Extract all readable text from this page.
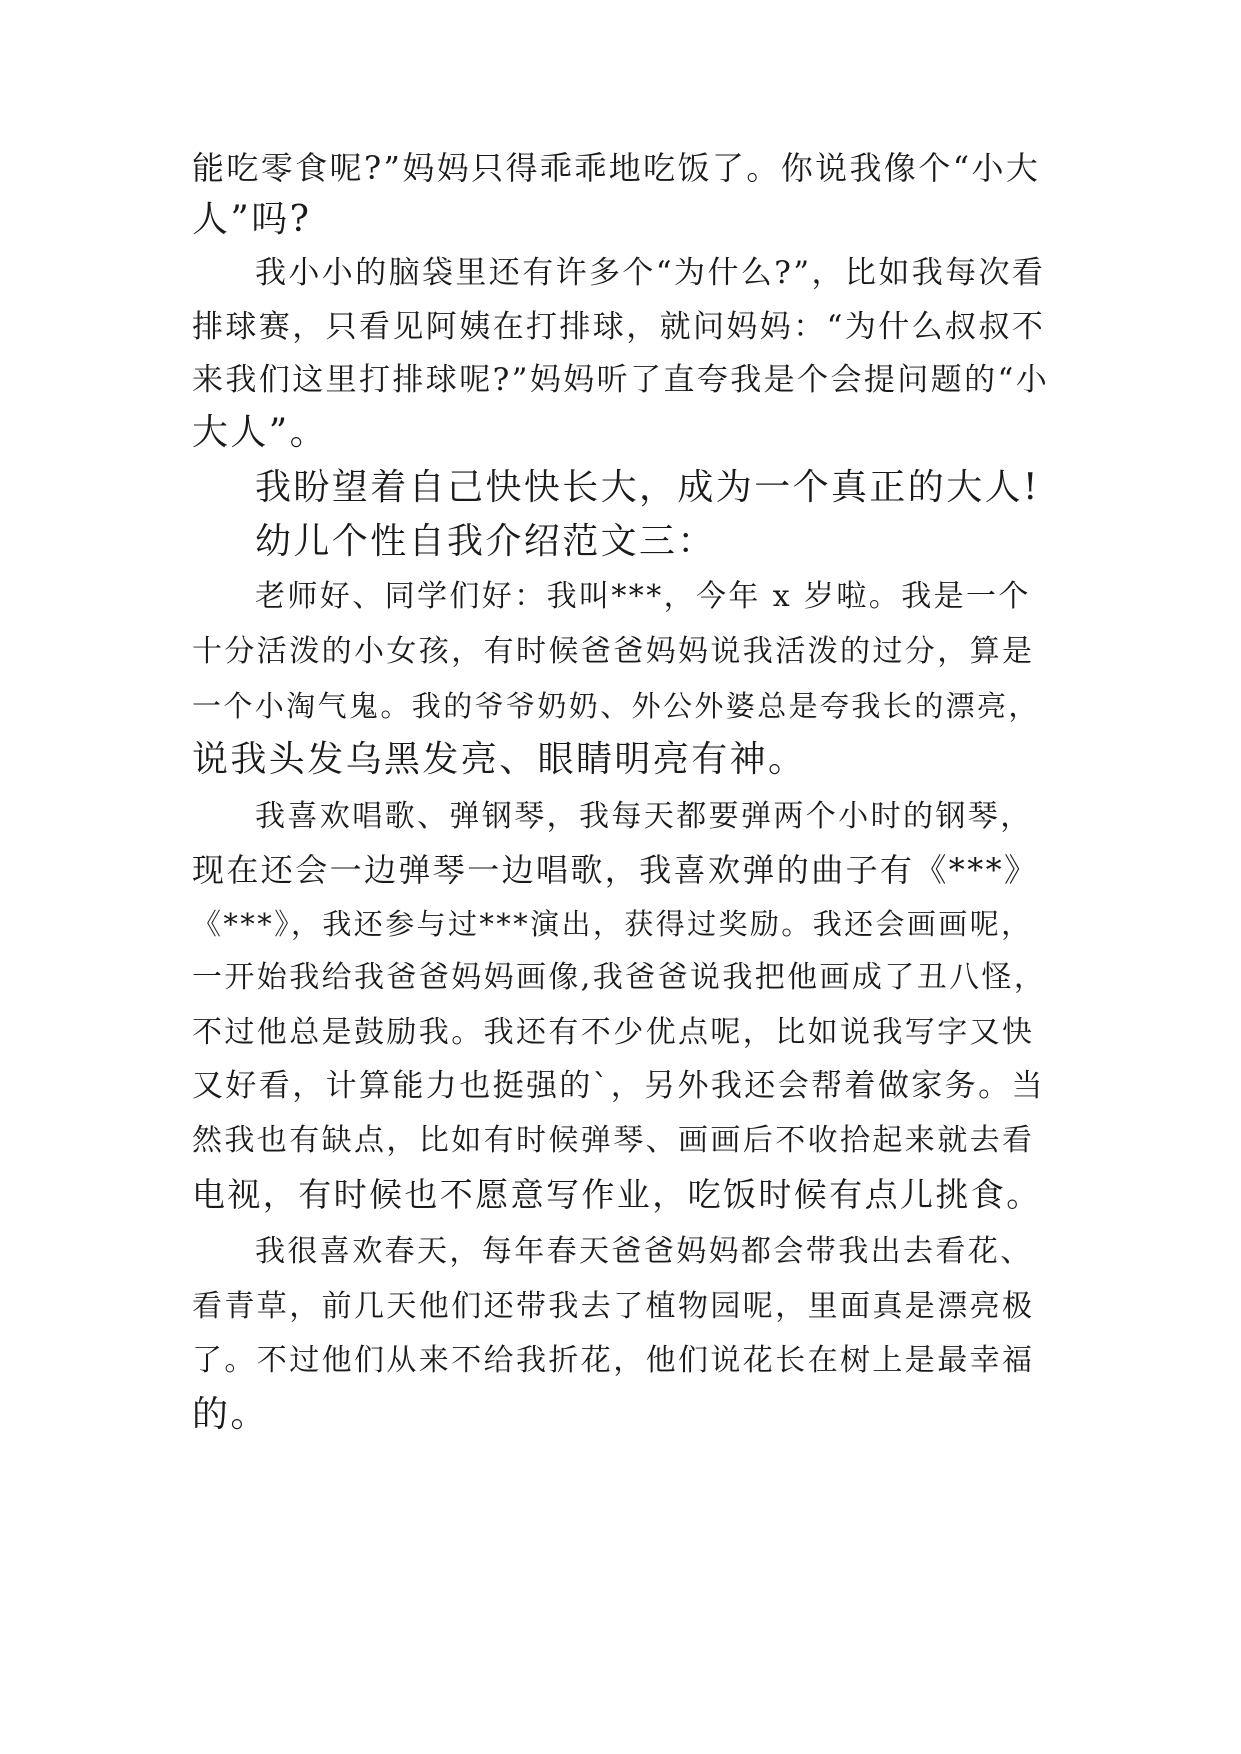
能吃零食呢?”妈妈只得乖乖地吃饭了。你说我像个“小大
人”吗?
我小小的脑袋里还有许多个“为什么?”，比如我每次看
排球赛，只看见阿姨在打排球，就问妈妈：“为什么叔叔不
来我们这里打排球呢?”妈妈听了直夸我是个会提问题的“小
大人”。
我盼望着自己快快长大，成为一个真正的大人!
幼儿个性自我介绍范文三：
老师好、同学们好：我叫***，今年 x 岁啦。我是一个
十分活泼的小女孩，有时候爸爸妈妈说我活泼的过分，算是
一个小淘气鬼。我的爷爷奶奶、外公外婆总是夸我长的漂亮，
说我头发乌黑发亮、眼睛明亮有神。
我喜欢唱歌、弹钢琴，我每天都要弹两个小时的钢琴，
现在还会一边弹琴一边唱歌，我喜欢弹的曲子有《***》
《***》，我还参与过***演出，获得过奖励。我还会画画呢，
一开始我给我爸爸妈妈画像,我爸爸说我把他画成了丑八怪，
不过他总是鼓励我。我还有不少优点呢，比如说我写字又快
又好看，计算能力也挺强的`，另外我还会帮着做家务。当
然我也有缺点，比如有时候弹琴、画画后不收拾起来就去看
电视，有时候也不愿意写作业，吃饭时候有点儿挑食。
我很喜欢春天，每年春天爸爸妈妈都会带我出去看花、
看青草，前几天他们还带我去了植物园呢，里面真是漂亮极
了。不过他们从来不给我折花，他们说花长在树上是最幸福
的。
